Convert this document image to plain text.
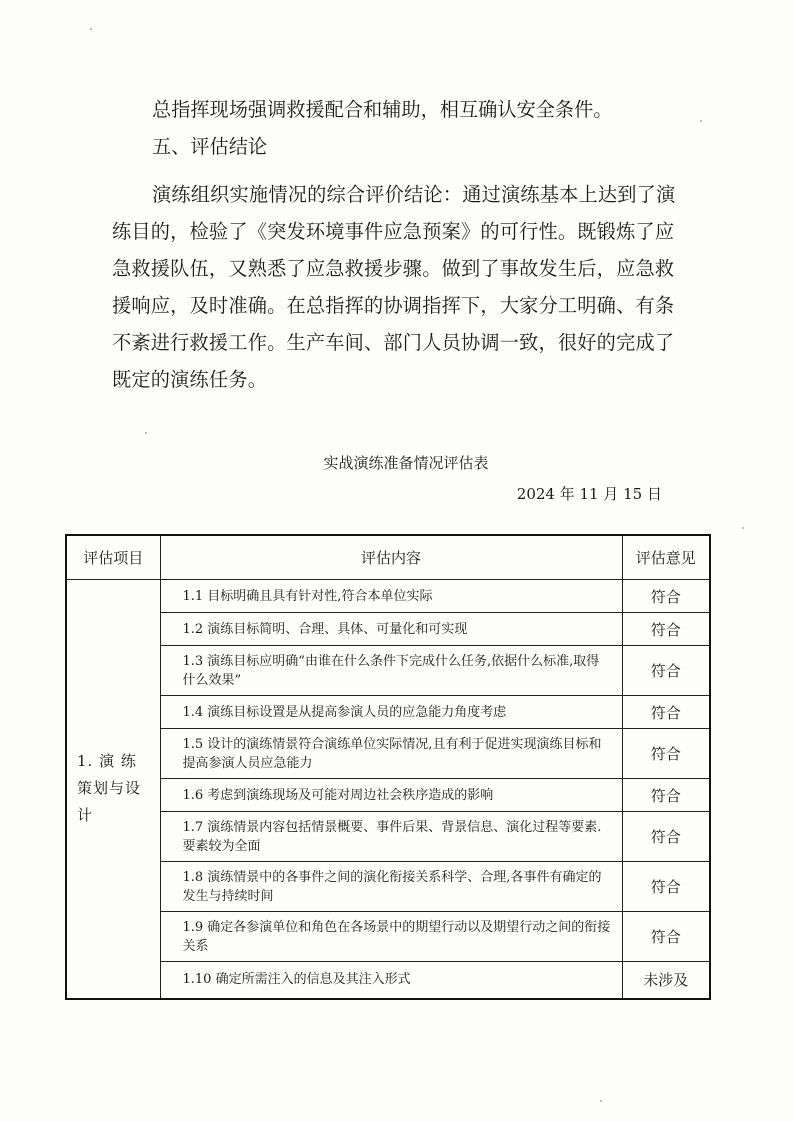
总指挥现场强调救援配合和辅助，相互确认安全条件。

五、评估结论

演练组织实施情况的综合评价结论：通过演练基本上达到了演练目的，检验了《突发环境事件应急预案》的可行性。既锻炼了应急救援队伍，又熟悉了应急救援步骤。做到了事故发生后，应急救援响应，及时准确。在总指挥的协调指挥下，大家分工明确、有条不紊进行救援工作。生产车间、部门人员协调一致，很好的完成了既定的演练任务。

实战演练准备情况评估表
2024 年 11 月 15 日
评估项目	评估内容	评估意见
1. 演 练 策划与设计	1.1 目标明确且具有针对性,符合本单位实际	符合
	1.2 演练目标简明、合理、具体、可量化和可实现	符合
	1.3 演练目标应明确“由谁在什么条件下完成什么任务,依据什么标准,取得什么效果”	符合
	1.4 演练目标设置是从提高参演人员的应急能力角度考虑	符合
	1.5 设计的演练情景符合演练单位实际情况,且有利于促进实现演练目标和提高参演人员应急能力	符合
	1.6 考虑到演练现场及可能对周边社会秩序造成的影响	符合
	1.7 演练情景内容包括情景概要、事件后果、背景信息、演化过程等要素.要素较为全面	符合
	1.8 演练情景中的各事件之间的演化衔接关系科学、合理,各事件有确定的发生与持续时间	符合
	1.9 确定各参演单位和角色在各场景中的期望行动以及期望行动之间的衔接关系	符合
	1.10 确定所需注入的信息及其注入形式	未涉及
